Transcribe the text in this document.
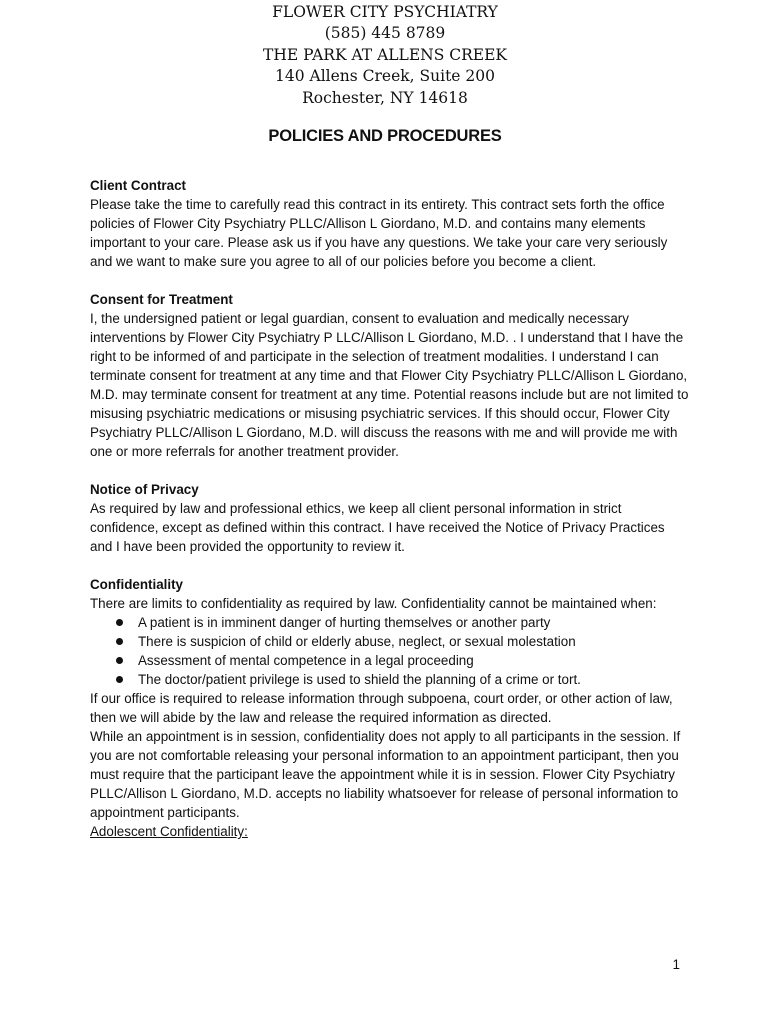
FLOWER CITY PSYCHIATRY
(585) 445 8789
THE PARK AT ALLENS CREEK
140 Allens Creek, Suite 200
Rochester, NY 14618
POLICIES AND PROCEDURES
Client Contract

Please take the time to carefully read this contract in its entirety. This contract sets forth the office policies of Flower City Psychiatry PLLC/Allison L Giordano, M.D. and contains many elements important to your care. Please ask us if you have any questions. We take your care very seriously and we want to make sure you agree to all of our policies before you become a client.

Consent for Treatment

I, the undersigned patient or legal guardian, consent to evaluation and medically necessary interventions by Flower City Psychiatry P LLC/Allison L Giordano, M.D. . I understand that I have the right to be informed of and participate in the selection of treatment modalities. I understand I can terminate consent for treatment at any time and that Flower City Psychiatry PLLC/Allison L Giordano, M.D. may terminate consent for treatment at any time. Potential reasons include but are not limited to misusing psychiatric medications or misusing psychiatric services. If this should occur, Flower City Psychiatry PLLC/Allison L Giordano, M.D. will discuss the reasons with me and will provide me with one or more referrals for another treatment provider.

Notice of Privacy

As required by law and professional ethics, we keep all client personal information in strict confidence, except as defined within this contract. I have received the Notice of Privacy Practices and I have been provided the opportunity to review it.

Confidentiality

There are limits to confidentiality as required by law. Confidentiality cannot be maintained when:

A patient is in imminent danger of hurting themselves or another party
There is suspicion of child or elderly abuse, neglect, or sexual molestation
Assessment of mental competence in a legal proceeding
The doctor/patient privilege is used to shield the planning of a crime or tort.

If our office is required to release information through subpoena, court order, or other action of law, then we will abide by the law and release the required information as directed.

While an appointment is in session, confidentiality does not apply to all participants in the session. If you are not comfortable releasing your personal information to an appointment participant, then you must require that the participant leave the appointment while it is in session. Flower City Psychiatry PLLC/Allison L Giordano, M.D. accepts no liability whatsoever for release of personal information to appointment participants.

Adolescent Confidentiality:

1
